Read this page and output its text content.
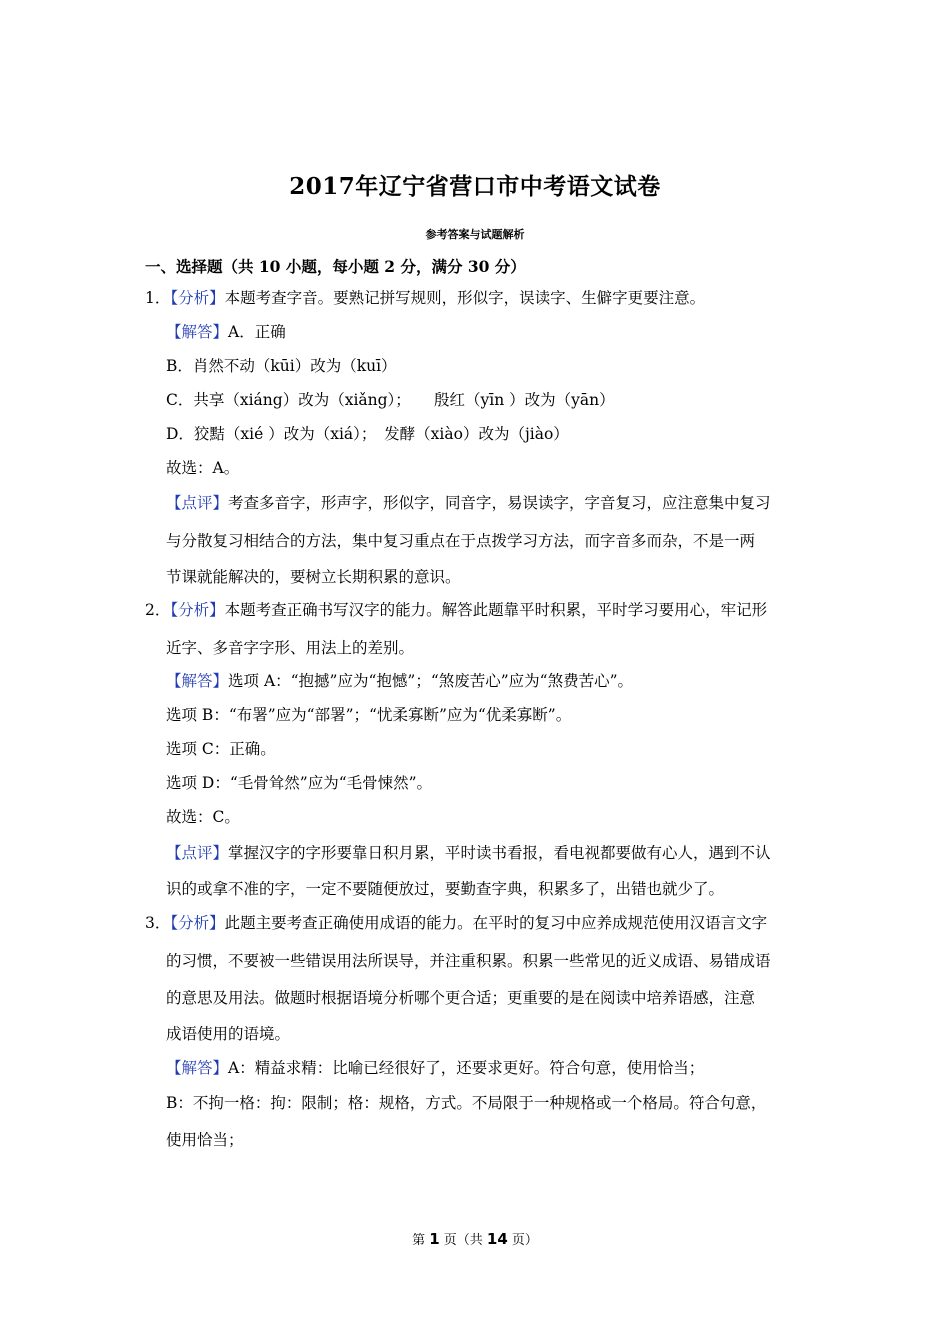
2017年辽宁省营口市中考语文试卷
参考答案与试题解析
一、选择题（共 10 小题，每小题 2 分，满分 30 分）
1．【分析】本题考查字音。要熟记拼写规则，形似字，误读字、生僻字更要注意。
【解答】A．正确
B．肖然不动（kūi）改为（kuī）
C．共享（xiáng）改为（xiǎng）；　　殷红（yīn ）改为（yān）
D．狡黠（xié ）改为（xiá）；　发酵（xiào）改为（jiào）
故选：A。
【点评】考查多音字，形声字，形似字，同音字，易误读字，字音复习，应注意集中复习
与分散复习相结合的方法，集中复习重点在于点拨学习方法，而字音多而杂，不是一两
节课就能解决的，要树立长期积累的意识。
2．【分析】本题考查正确书写汉字的能力。解答此题靠平时积累，平时学习要用心，牢记形
近字、多音字字形、用法上的差别。
【解答】选项 A：“抱撼”应为“抱憾”；“煞废苦心”应为“煞费苦心”。
选项 B：“布署”应为“部署”；“忧柔寡断”应为“优柔寡断”。
选项 C：正确。
选项 D：“毛骨耸然”应为“毛骨悚然”。
故选：C。
【点评】掌握汉字的字形要靠日积月累，平时读书看报，看电视都要做有心人，遇到不认
识的或拿不准的字，一定不要随便放过，要勤查字典，积累多了，出错也就少了。
3．【分析】此题主要考查正确使用成语的能力。在平时的复习中应养成规范使用汉语言文字
的习惯，不要被一些错误用法所误导，并注重积累。积累一些常见的近义成语、易错成语
的意思及用法。做题时根据语境分析哪个更合适；更重要的是在阅读中培养语感，注意
成语使用的语境。
【解答】A：精益求精：比喻已经很好了，还要求更好。符合句意，使用恰当；
B：不拘一格：拘：限制；格：规格，方式。不局限于一种规格或一个格局。符合句意，
使用恰当；
第 1 页（共 14 页）
